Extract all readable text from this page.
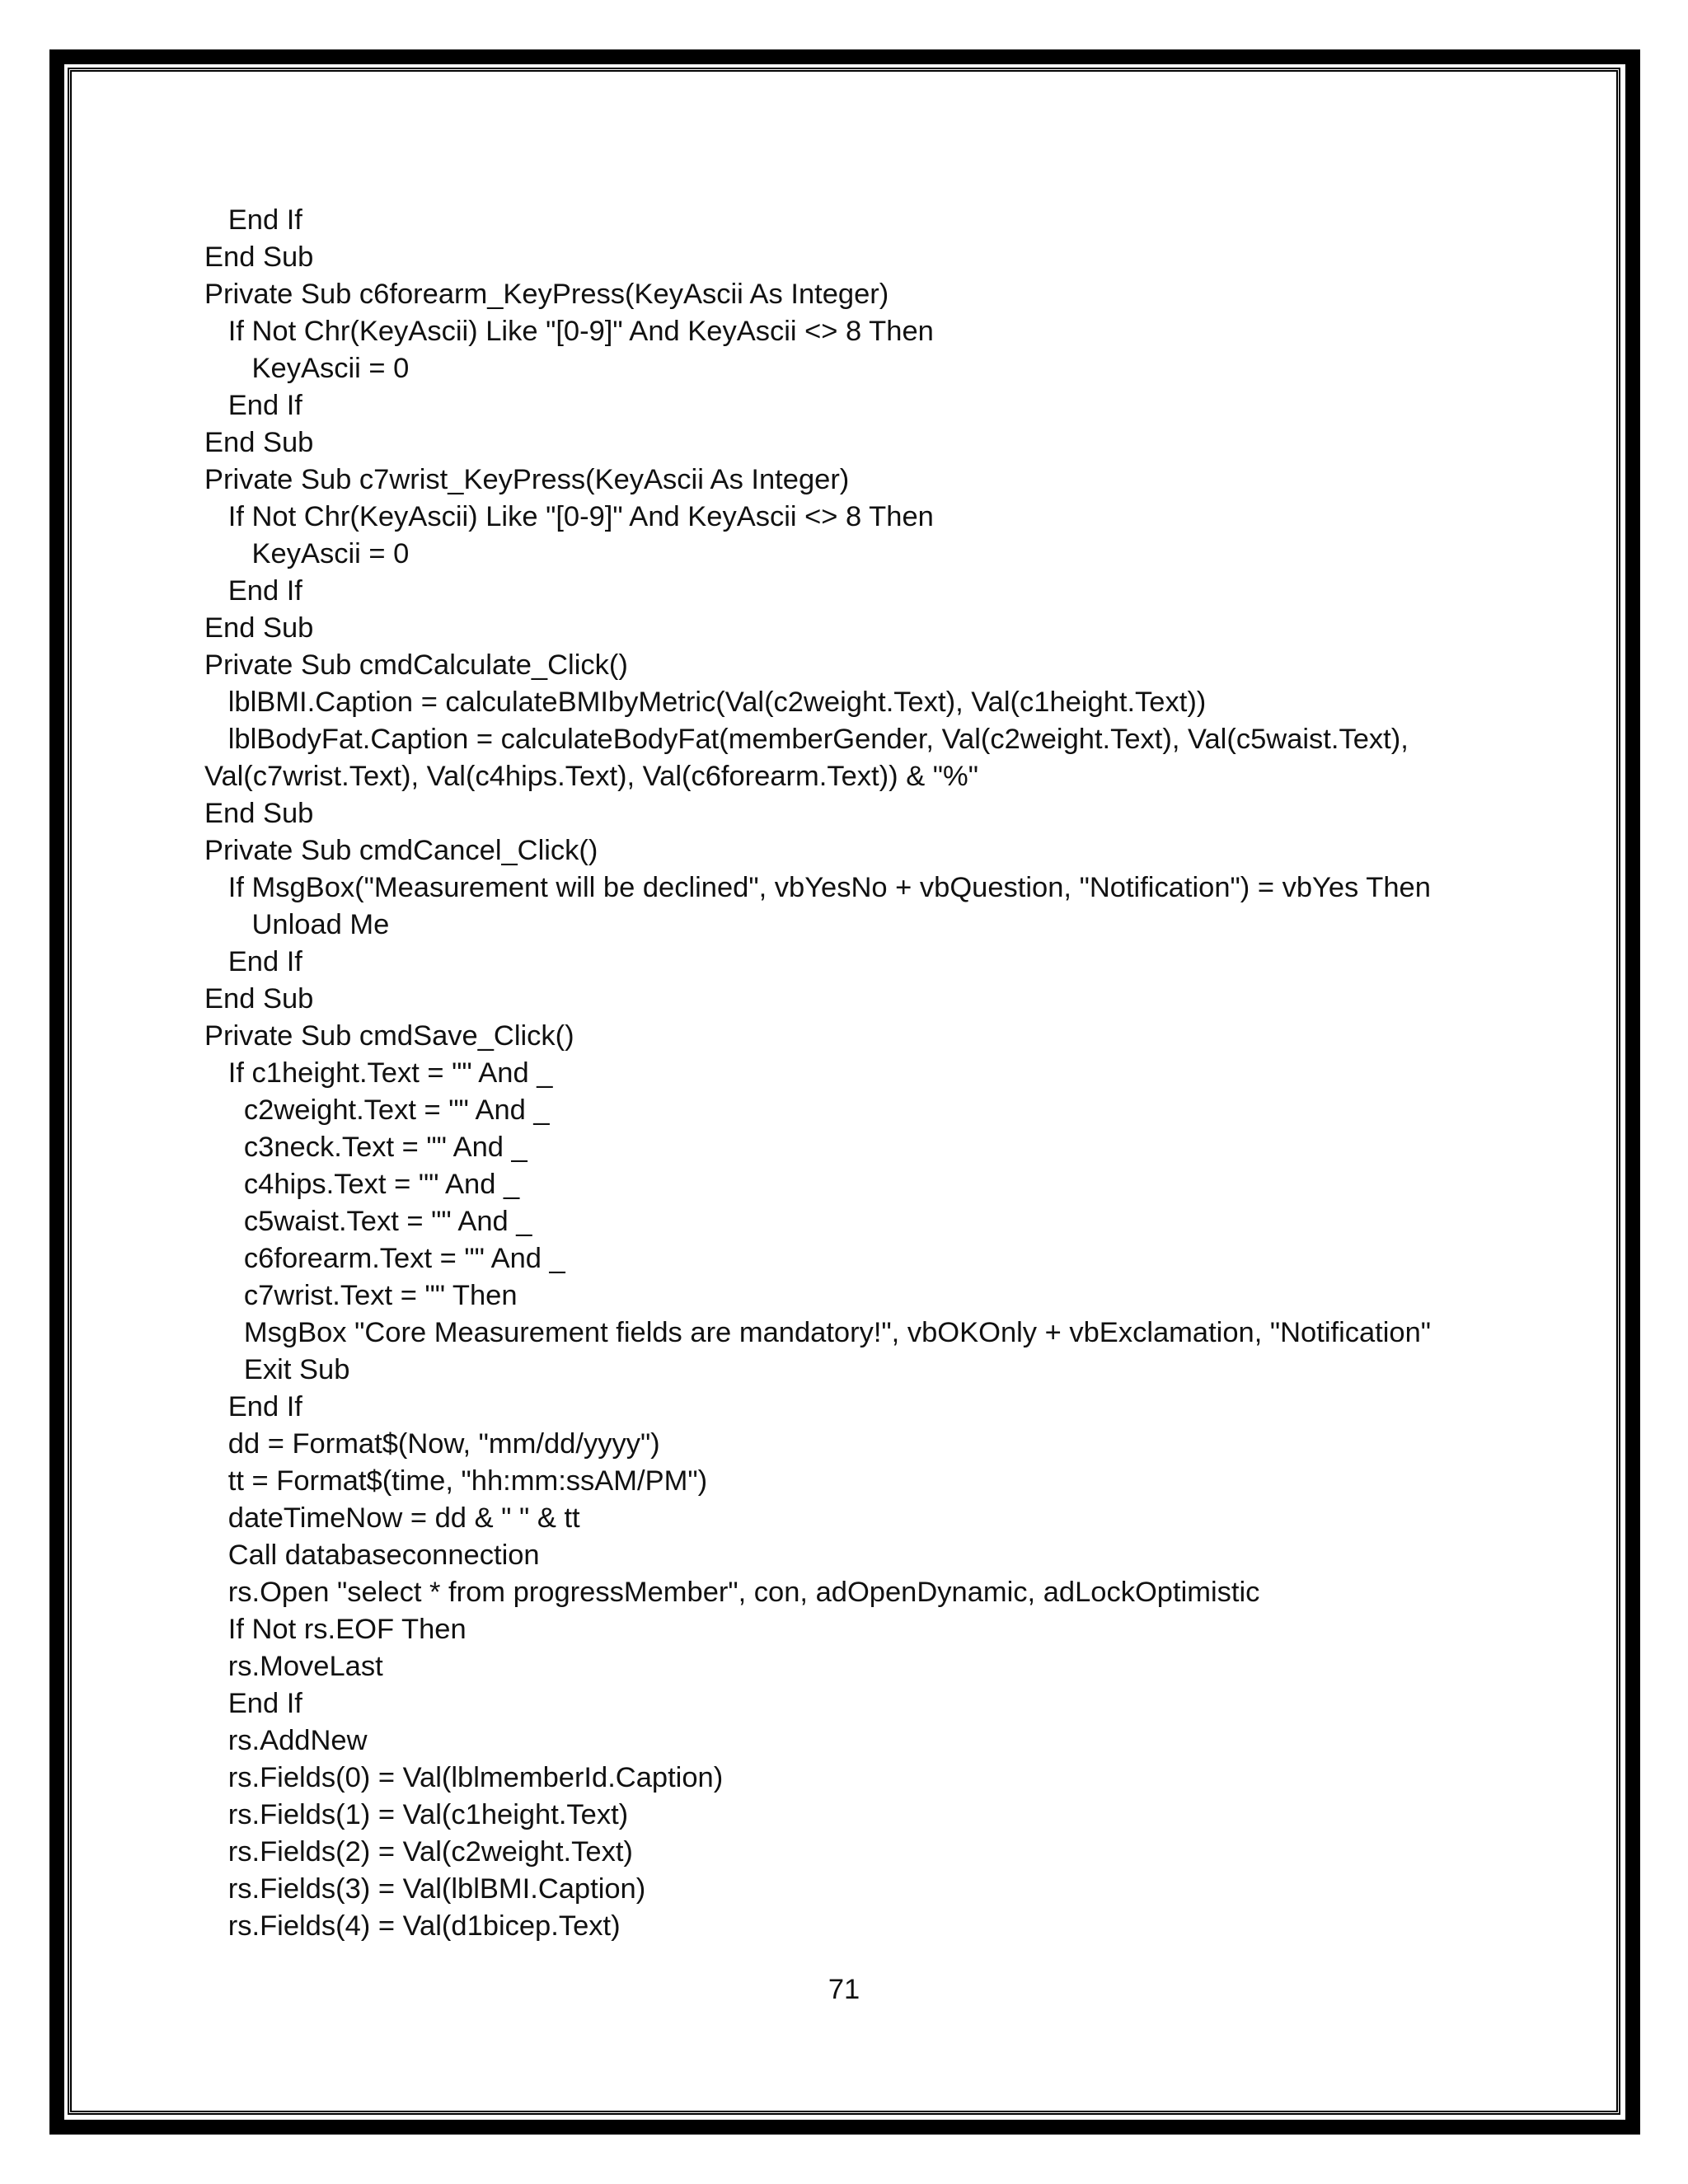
End If
End Sub
Private Sub c6forearm_KeyPress(KeyAscii As Integer)
If Not Chr(KeyAscii) Like "[0-9]" And KeyAscii <> 8 Then
KeyAscii = 0
End If
End Sub
Private Sub c7wrist_KeyPress(KeyAscii As Integer)
If Not Chr(KeyAscii) Like "[0-9]" And KeyAscii <> 8 Then
KeyAscii = 0
End If
End Sub
Private Sub cmdCalculate_Click()
lblBMI.Caption = calculateBMIbyMetric(Val(c2weight.Text), Val(c1height.Text))
lblBodyFat.Caption = calculateBodyFat(memberGender, Val(c2weight.Text), Val(c5waist.Text),
Val(c7wrist.Text), Val(c4hips.Text), Val(c6forearm.Text)) & "%"
End Sub
Private Sub cmdCancel_Click()
If MsgBox("Measurement will be declined", vbYesNo + vbQuestion, "Notification") = vbYes Then
Unload Me
End If
End Sub
Private Sub cmdSave_Click()
If c1height.Text = "" And _
c2weight.Text = "" And _
c3neck.Text = "" And _
c4hips.Text = "" And _
c5waist.Text = "" And _
c6forearm.Text = "" And _
c7wrist.Text = "" Then
MsgBox "Core Measurement fields are mandatory!", vbOKOnly + vbExclamation, "Notification"
Exit Sub
End If
dd = Format$(Now, "mm/dd/yyyy")
tt = Format$(time, "hh:mm:ssAM/PM")
dateTimeNow = dd & " " & tt
Call databaseconnection
rs.Open "select * from progressMember", con, adOpenDynamic, adLockOptimistic
If Not rs.EOF Then
rs.MoveLast
End If
rs.AddNew
rs.Fields(0) = Val(lblmemberId.Caption)
rs.Fields(1) = Val(c1height.Text)
rs.Fields(2) = Val(c2weight.Text)
rs.Fields(3) = Val(lblBMI.Caption)
rs.Fields(4) = Val(d1bicep.Text)
71
